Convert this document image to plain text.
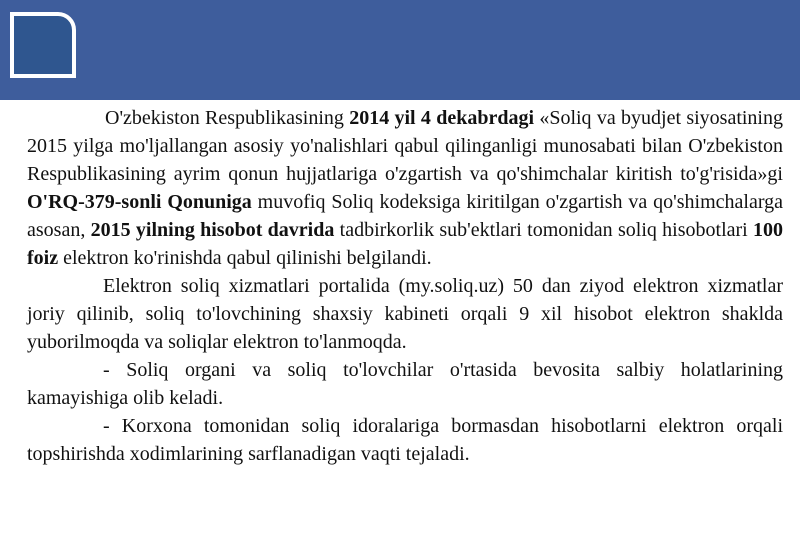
O'zbekiston Respublikasining 2014 yil 4 dekabrdagi «Soliq va byudjet siyosatining 2015 yilga mo'ljallangan asosiy yo'nalishlari qabul qilinganligi munosabati bilan O'zbekiston Respublikasining ayrim qonun hujjatlariga o'zgartish va qo'shimchalar kiritish to'g'risida»gi O'RQ-379-sonli Qonuniga muvofiq Soliq kodeksiga kiritilgan o'zgartish va qo'shimchalarga asosan, 2015 yilning hisobot davrida tadbirkorlik sub'ektlari tomonidan soliq hisobotlari 100 foiz elektron ko'rinishda qabul qilinishi belgilandi.

Elektron soliq xizmatlari portalida (my.soliq.uz) 50 dan ziyod elektron xizmatlar joriy qilinib, soliq to'lovchining shaxsiy kabineti orqali 9 xil hisobot elektron shaklda yuborilmoqda va soliqlar elektron to'lanmoqda.

- Soliq organi va soliq to'lovchilar o'rtasida bevosita salbiy holatlarining kamayishiga olib keladi.

- Korxona tomonidan soliq idoralariga bormasdan hisobotlarni elektron orqali topshirishda xodimlarining sarflanadigan vaqti tejaladi.
